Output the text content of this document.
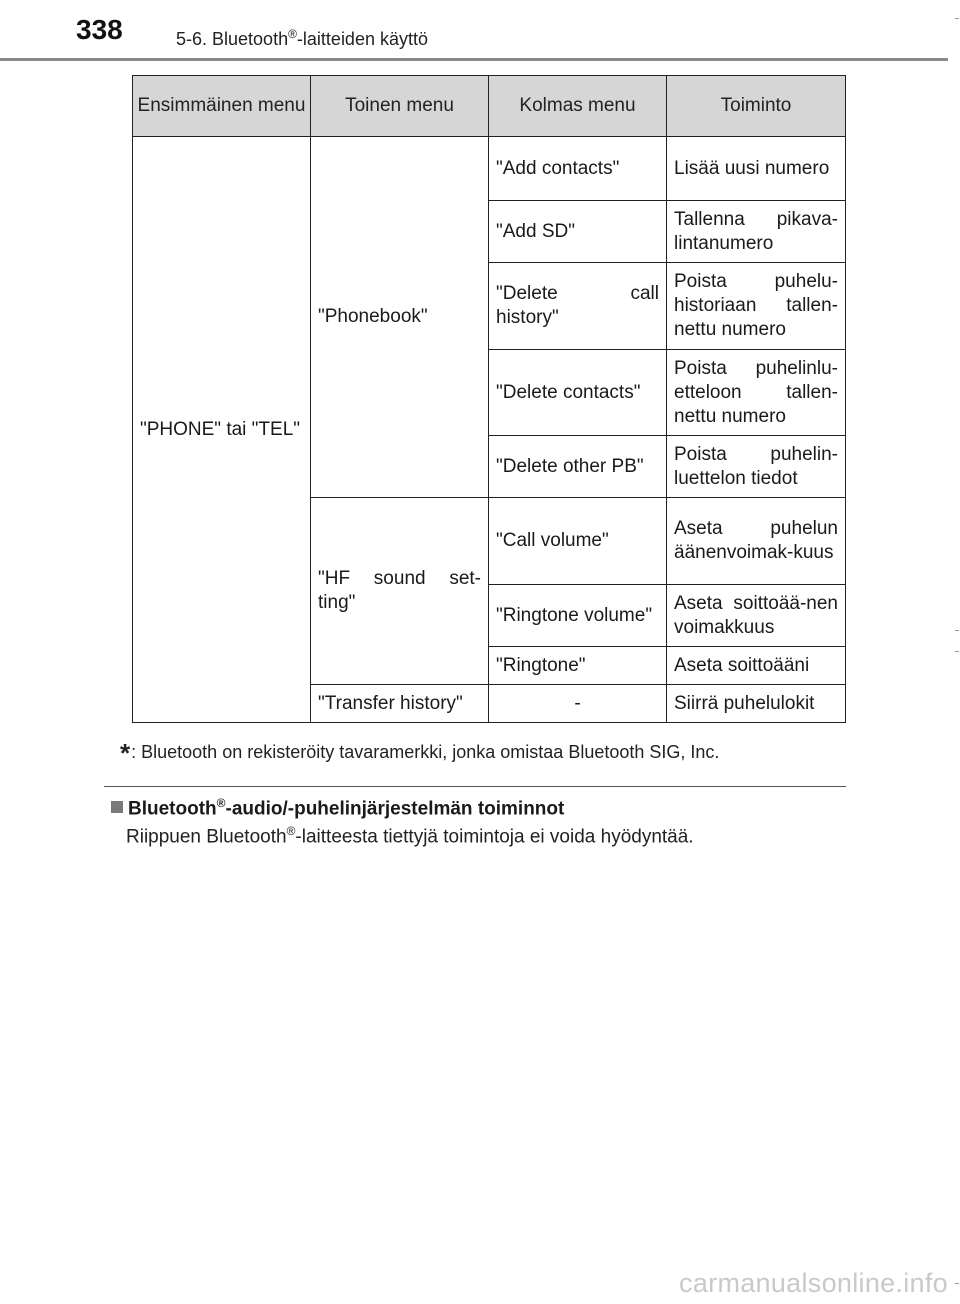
338	5-6. Bluetooth®-laitteiden käyttö
Ensimmäinen menu	Toinen menu	Kolmas menu	Toiminto
"PHONE" tai "TEL"	"Phonebook"	"Add contacts"	Lisää uusi numero
		"Add SD"	Tallenna pikava-lintanumero
		"Delete call history"	Poista puhelu-historiaan tallen-nettu numero
		"Delete contacts"	Poista puhelinlu-etteloon tallen-nettu numero
		"Delete other PB"	Poista puhelin-luettelon tiedot
	"HF sound set-ting"	"Call volume"	Aseta puhelun äänenvoimak-kuus
		"Ringtone volume"	Aseta soittoää-nen voimakkuus
		"Ringtone"	Aseta soittoääni
	"Transfer history"	-	Siirrä puhelulokit
*: Bluetooth on rekisteröity tavaramerkki, jonka omistaa Bluetooth SIG, Inc.
Bluetooth®-audio/-puhelinjärjestelmän toiminnot
Riippuen Bluetooth®-laitteesta tiettyjä toimintoja ei voida hyödyntää.
carmanualsonline.info
